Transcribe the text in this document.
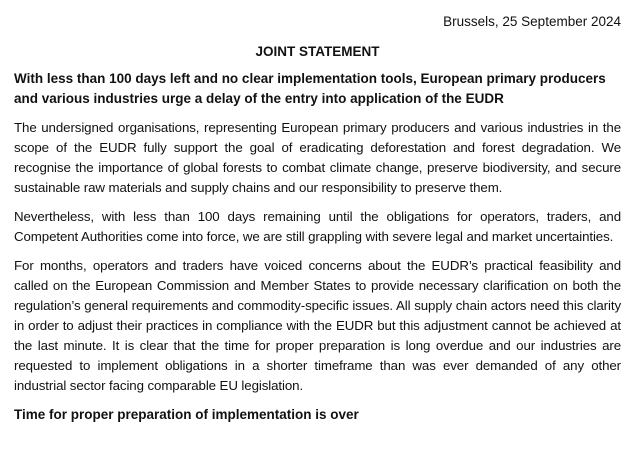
Brussels, 25 September 2024
JOINT STATEMENT
With less than 100 days left and no clear implementation tools, European primary producers and various industries urge a delay of the entry into application of the EUDR
The undersigned organisations, representing European primary producers and various industries in the scope of the EUDR fully support the goal of eradicating deforestation and forest degradation. We recognise the importance of global forests to combat climate change, preserve biodiversity, and secure sustainable raw materials and supply chains and our responsibility to preserve them.
Nevertheless, with less than 100 days remaining until the obligations for operators, traders, and Competent Authorities come into force, we are still grappling with severe legal and market uncertainties.
For months, operators and traders have voiced concerns about the EUDR’s practical feasibility and called on the European Commission and Member States to provide necessary clarification on both the regulation’s general requirements and commodity-specific issues. All supply chain actors need this clarity in order to adjust their practices in compliance with the EUDR but this adjustment cannot be achieved at the last minute. It is clear that the time for proper preparation is long overdue and our industries are requested to implement obligations in a shorter timeframe than was ever demanded of any other industrial sector facing comparable EU legislation.
Time for proper preparation of implementation is over
